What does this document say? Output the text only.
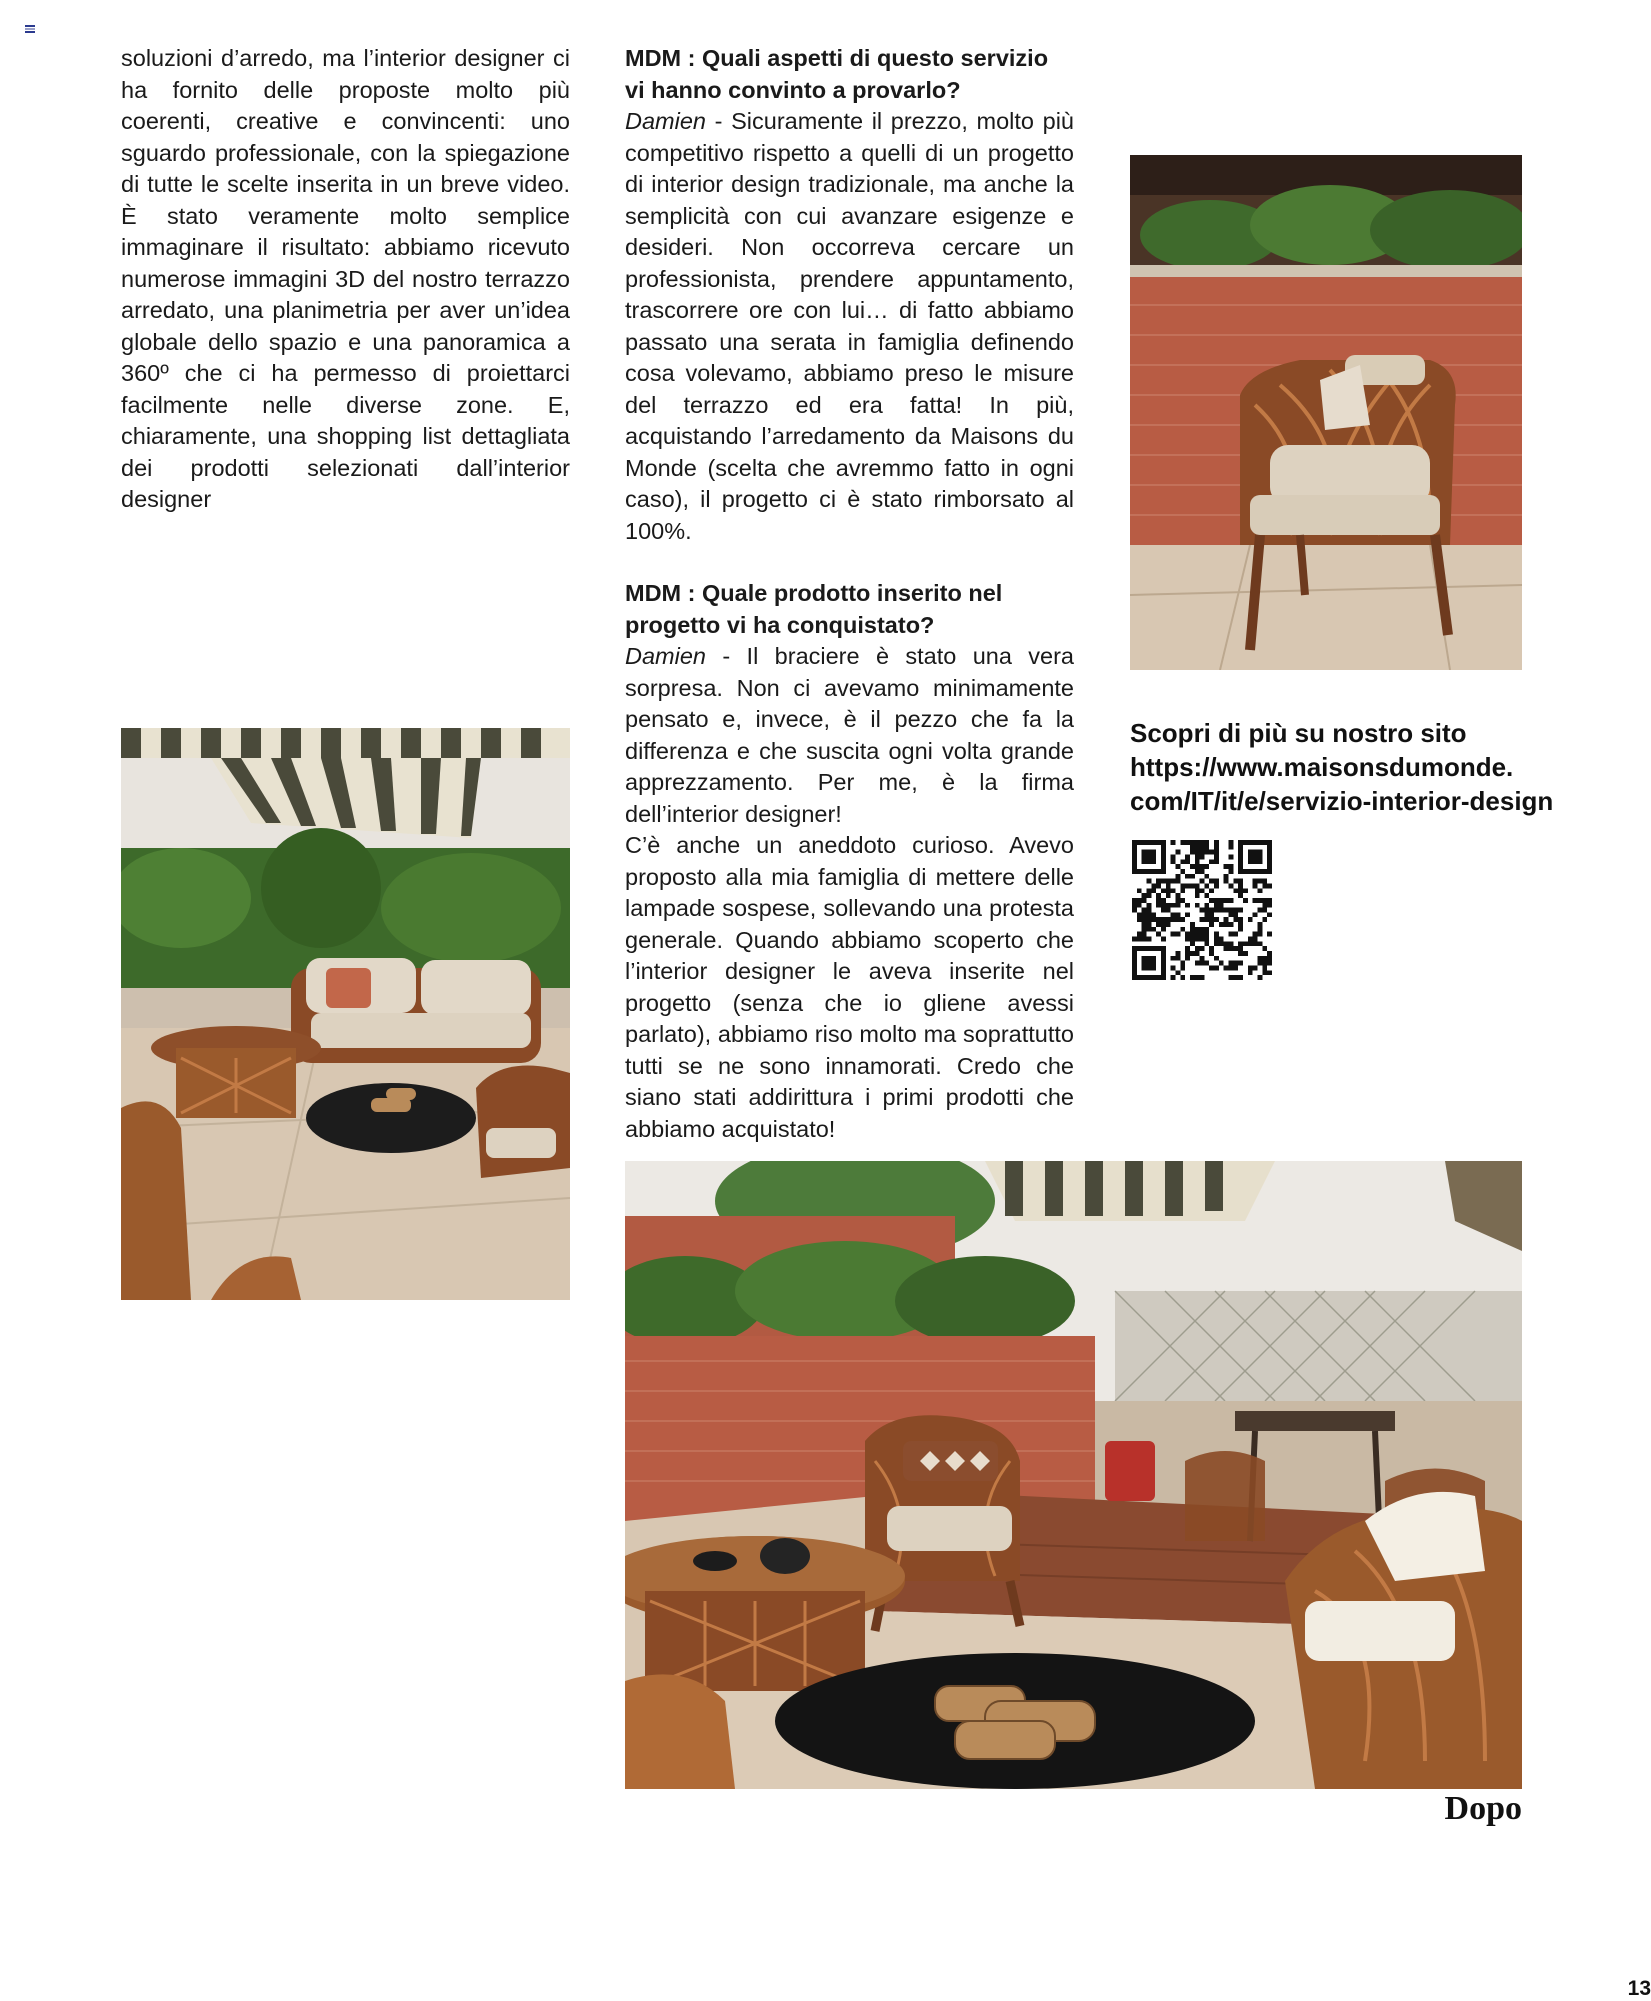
soluzioni d’arredo, ma l’interior designer ci ha fornito delle proposte molto più coerenti, creative e convincenti: uno sguardo professionale, con la spiegazione di tutte le scelte inserita in un breve video. È stato veramente molto semplice immaginare il risultato: abbiamo ricevuto numerose immagini 3D del nostro terrazzo arredato, una planimetria per aver un’idea globale dello spazio e una panoramica a 360º che ci ha permesso di proiettarci facilmente nelle diverse zone. E, chiaramente, una shopping list dettagliata dei prodotti selezionati dall’interior designer

MDM : Quali aspetti di questo servizio vi hanno convinto a provarlo?

Damien - Sicuramente il prezzo, molto più competitivo rispetto a quelli di un progetto di interior design tradizionale, ma anche la semplicità con cui avanzare esigenze e desideri. Non occorreva cercare un professionista, prendere appuntamento, trascorrere ore con lui… di fatto abbiamo passato una serata in famiglia definendo cosa volevamo, abbiamo preso le misure del terrazzo ed era fatta! In più, acquistando l’arredamento da Maisons du Monde (scelta che avremmo fatto in ogni caso), il progetto ci è stato rimborsato al 100%.

MDM : Quale prodotto inserito nel progetto vi ha conquistato?

Damien - Il braciere è stato una vera sorpresa. Non ci avevamo minimamente pensato e, invece, è il pezzo che fa la differenza e che suscita ogni volta grande apprezzamento. Per me, è la firma dell’interior designer!

C’è anche un aneddoto curioso. Avevo proposto alla mia famiglia di mettere delle lampade sospese, sollevando una protesta generale. Quando abbiamo scoperto che l’interior designer le aveva inserite nel progetto (senza che io gliene avessi parlato), abbiamo riso molto ma soprattutto tutti se ne sono innamorati. Credo che siano stati addirittura i primi prodotti che abbiamo acquistato!

Scopri di più su nostro sito
https://www.maisonsdumonde.
com/IT/it/e/servizio-interior-design
Dopo
13
